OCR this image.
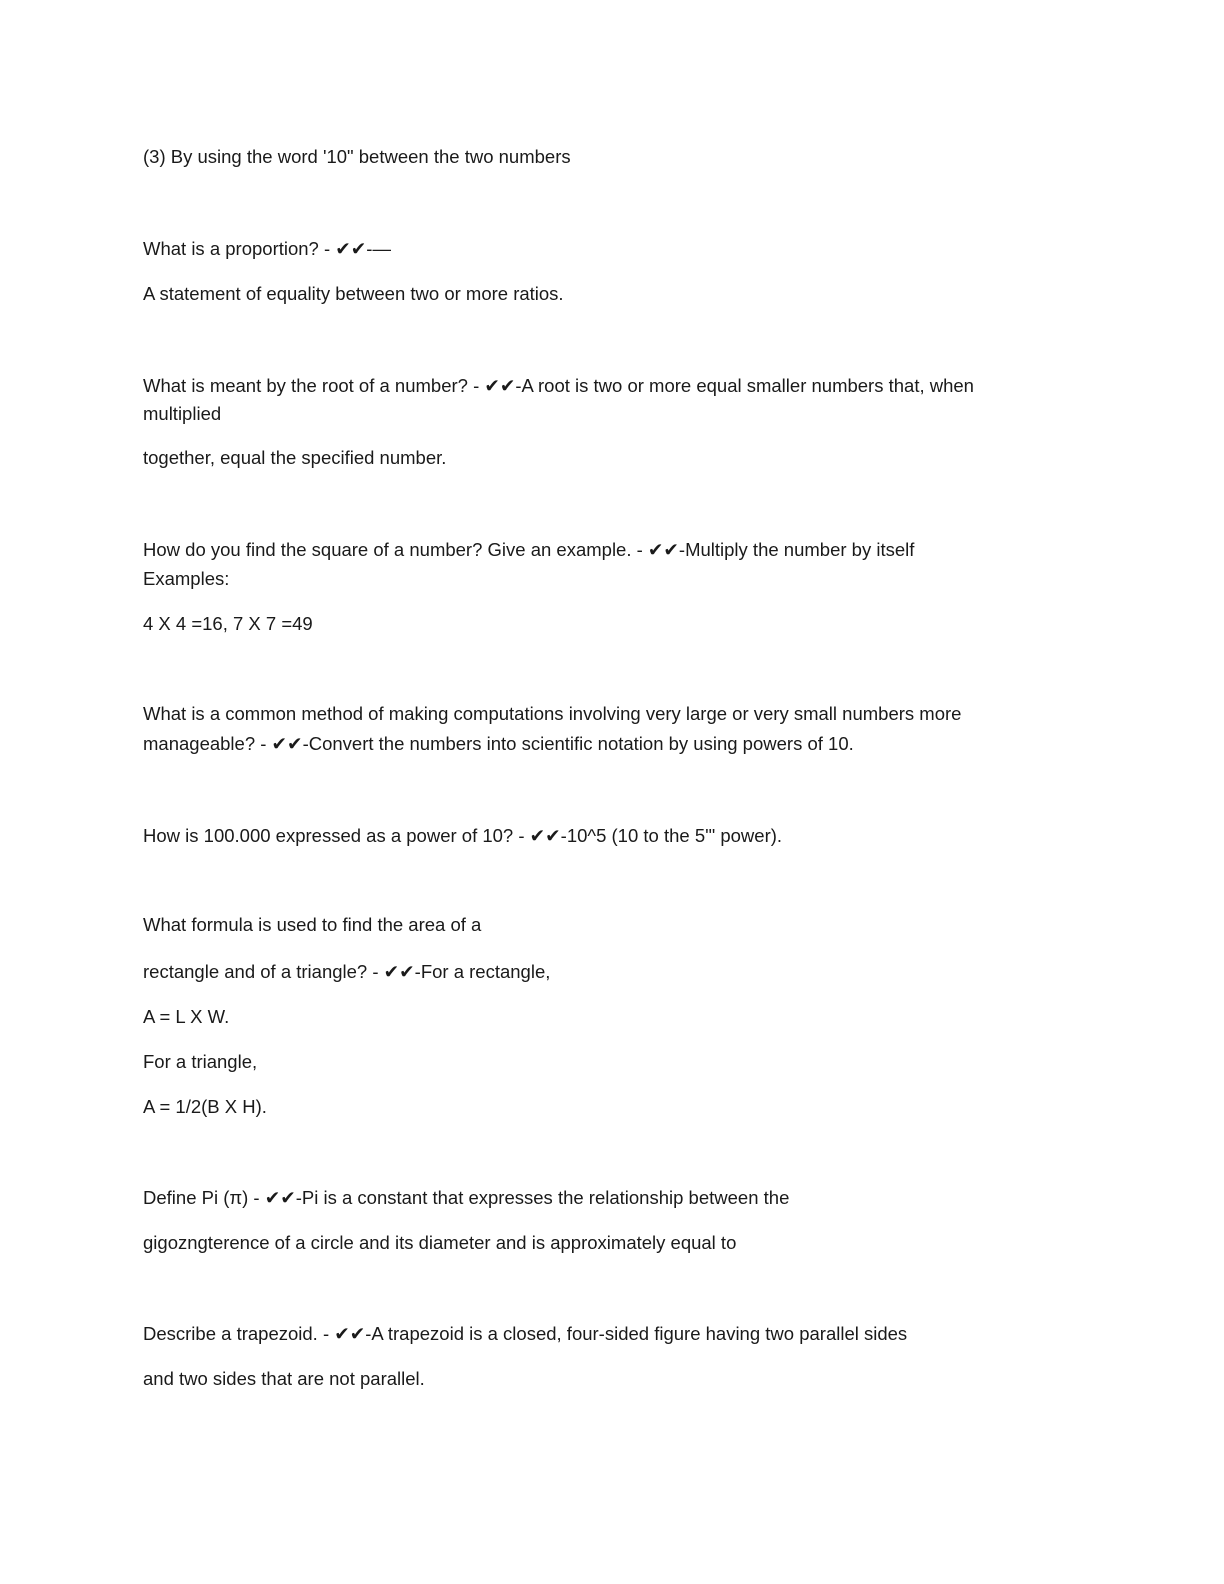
(3) By using the word '10" between the two numbers
What is a proportion? - ✔✔-—
A statement of equality between two or more ratios.
What is meant by the root of a number? - ✔✔-A root is two or more equal smaller numbers that, when
multiplied
together, equal the specified number.
How do you find the square of a number? Give an example. - ✔✔-Multiply the number by itself
Examples:
4 X 4 =16, 7 X 7 =49
What is a common method of making computations involving very large or very small numbers more
manageable? - ✔✔-Convert the numbers into scientific notation by using powers of 10.
How is 100.000 expressed as a power of 10? - ✔✔-10^5 (10 to the 5'" power).
What formula is used to find the area of a
rectangle and of a triangle? - ✔✔-For a rectangle,
A = L X W.
For a triangle,
A = 1/2(B X H).
Define Pi (π) - ✔✔-Pi is a constant that expresses the relationship between the
gigozngterence of a circle and its diameter and is approximately equal to
Describe a trapezoid. - ✔✔-A trapezoid is a closed, four-sided figure having two parallel sides
and two sides that are not parallel.
